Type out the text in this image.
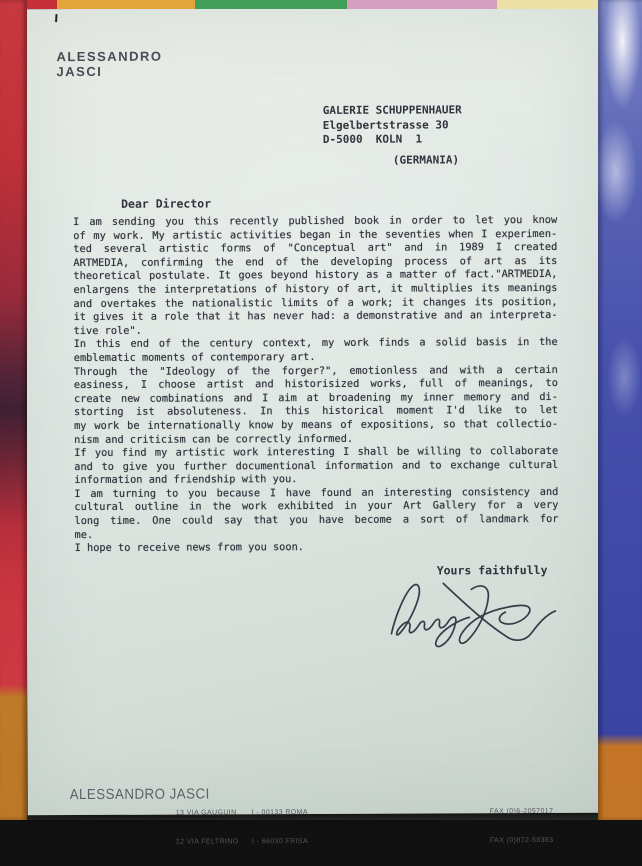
ALESSANDRO
JASCI
GALERIE SCHUPPENHAUER
Elgelbertstrasse 30
D-5000  KOLN  1
(GERMANIA)
Dear Director
I am sending you this recently published book in order to let you know
of my work. My artistic activities began in the seventies when I experimen-
ted several artistic forms of "Conceptual art" and in 1989 I created
ARTMEDIA, confirming the end of the developing process of art as its
theoretical postulate. It goes beyond history as a matter of fact."ARTMEDIA,
enlargens the interpretations of history of art, it multiplies its meanings
and overtakes the nationalistic limits of a work; it changes its position,
it gives it a role that it has never had: a demonstrative and an interpreta-
tive role".
In this end of the century context, my work finds a solid basis in the
emblematic moments of contemporary art.
Through the "Ideology of the forger?", emotionless and with a certain
easiness, I choose artist and historisized works, full of meanings, to
create new combinations and I aim at broadening my inner memory and di-
storting ist absoluteness. In this historical moment I'd like to let
my work be internationally know by means of expositions, so that collectio-
nism and criticism can be correctly informed.
If you find my artistic work interesting I shall be willing to collaborate
and to give you further documentional information and to exchange cultural
information and friendship with you.
I am turning to you because I have found an interesting consistency and
cultural outline in the work exhibited in your Art Gallery for a very
long time. One could say that you have become a sort of landmark for
me.
I hope to receive news from you soon.
Yours faithfully
ALESSANDRO JASCI

13 VIA GAUGUIN

12 VIA FELTRINO

I - 00133 ROMA

I - 66030 FRISA

FAX (0)6-2057017

FAX (0)872-58383
